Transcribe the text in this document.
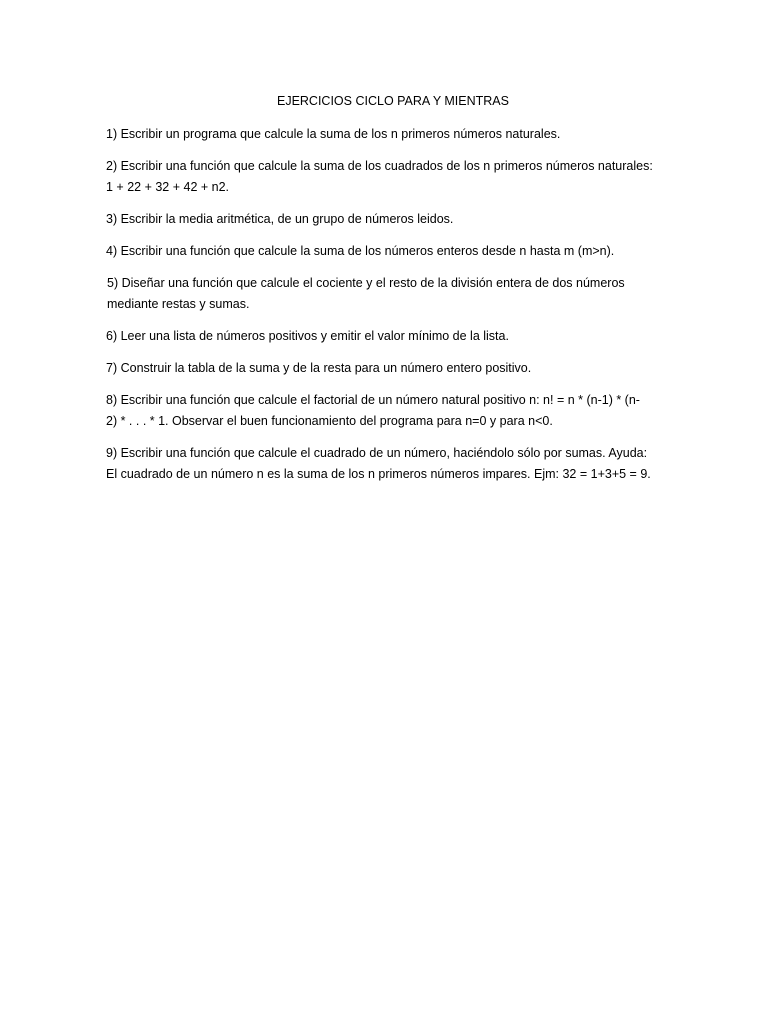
EJERCICIOS CICLO PARA Y MIENTRAS
1) Escribir un programa que calcule la suma de los n primeros números naturales.
2) Escribir una función que calcule la suma de los cuadrados de los n primeros números naturales:
1 + 22 + 32 + 42 + n2.
3) Escribir la media aritmética, de un grupo de números leidos.
4) Escribir una función que calcule la suma de los números enteros desde n hasta m (m>n).
5) Diseñar una función que calcule el cociente y el resto de la división entera de dos números
mediante restas y sumas.
6) Leer una lista de números positivos y emitir el valor mínimo de la lista.
7) Construir la tabla de la suma y de la resta para un número entero positivo.
8) Escribir una función que calcule el factorial de un número natural positivo n: n! = n * (n-1) * (n-
2) * . . . * 1. Observar el buen funcionamiento del programa para n=0 y para n<0.
9) Escribir una función que calcule el cuadrado de un número, haciéndolo sólo por sumas. Ayuda:
El cuadrado de un número n es la suma de los n primeros números impares. Ejm: 32 = 1+3+5 = 9.
